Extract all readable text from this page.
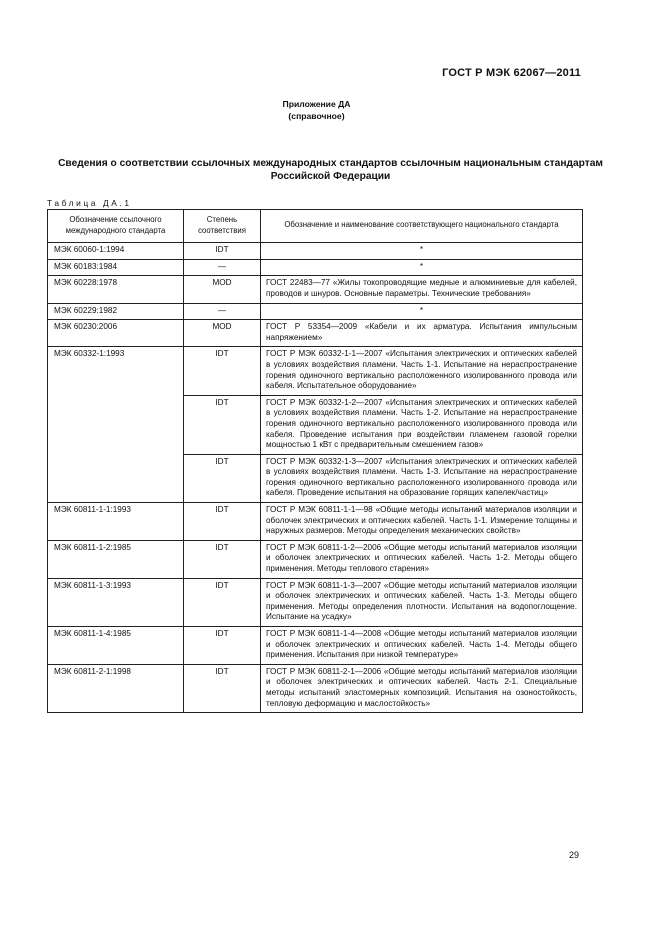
ГОСТ Р МЭК 62067—2011
Приложение ДА
(справочное)
Сведения о соответствии ссылочных международных стандартов ссылочным национальным стандартам Российской Федерации
Таблица ДА.1
Обозначение ссылочного международного стандарта	Степень соответствия	Обозначение и наименование соответствующего национального стандарта
МЭК 60060-1:1994	IDT	*
МЭК 60183:1984	—	*
МЭК 60228:1978	MOD	ГОСТ 22483—77 «Жилы токопроводящие медные и алюминиевые для кабелей, проводов и шнуров. Основные параметры. Технические требования»
МЭК 60229:1982	—	*
МЭК 60230:2006	MOD	ГОСТ Р 53354—2009 «Кабели и их арматура. Испытания импульсным напряжением»
МЭК 60332-1:1993	IDT	ГОСТ Р МЭК 60332-1-1—2007 «Испытания электрических и оптических кабелей в условиях воздействия пламени. Часть 1-1. Испытание на нераспространение горения одиночного вертикально расположенного изолированного провода или кабеля. Испытательное оборудование»
	IDT	ГОСТ Р МЭК 60332-1-2—2007 «Испытания электрических и оптических кабелей в условиях воздействия пламени. Часть 1-2. Испытание на нераспространение горения одиночного вертикально расположенного изолированного провода или кабеля. Проведение испытания при воздействии пламенем газовой горелки мощностью 1 кВт с предварительным смешением газов»
	IDT	ГОСТ Р МЭК 60332-1-3—2007 «Испытания электрических и оптических кабелей в условиях воздействия пламени. Часть 1-3. Испытание на нераспространение горения одиночного вертикально расположенного изолированного провода или кабеля. Проведение испытания на образование горящих капелек/частиц»
МЭК 60811-1-1:1993	IDT	ГОСТ Р МЭК 60811-1-1—98 «Общие методы испытаний материалов изоляции и оболочек электрических и оптических кабелей. Часть 1-1. Измерение толщины и наружных размеров. Методы определения механических свойств»
МЭК 60811-1-2:1985	IDT	ГОСТ Р МЭК 60811-1-2—2006 «Общие методы испытаний материалов изоляции и оболочек электрических и оптических кабелей. Часть 1-2. Методы общего применения. Методы теплового старения»
МЭК 60811-1-3:1993	IDT	ГОСТ Р МЭК 60811-1-3—2007 «Общие методы испытаний материалов изоляции и оболочек электрических и оптических кабелей. Часть 1-3. Методы общего применения. Методы определения плотности. Испытания на водопоглощение. Испытание на усадку»
МЭК 60811-1-4:1985	IDT	ГОСТ Р МЭК 60811-1-4—2008 «Общие методы испытаний материалов изоляции и оболочек электрических и оптических кабелей. Часть 1-4. Методы общего применения. Испытания при низкой температуре»
МЭК 60811-2-1:1998	IDT	ГОСТ Р МЭК 60811-2-1—2006 «Общие методы испытаний материалов изоляции и оболочек электрических и оптических кабелей. Часть 2-1. Специальные методы испытаний эластомерных композиций. Испытания на озоностойкость, тепловую деформацию и маслостойкость»
29
